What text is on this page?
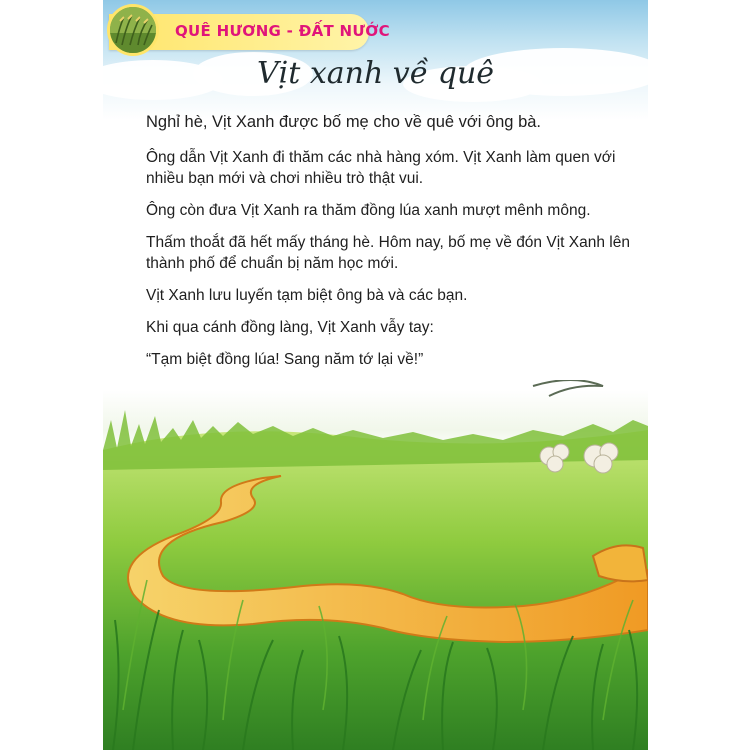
QUÊ HƯƠNG - ĐẤT NƯỚC
Vịt xanh về quê

Nghỉ hè, Vịt Xanh được bố mẹ cho về quê với ông bà.

Ông dẫn Vịt Xanh đi thăm các nhà hàng xóm. Vịt Xanh làm quen với nhiều bạn mới và chơi nhiều trò thật vui.

Ông còn đưa Vịt Xanh ra thăm đồng lúa xanh mượt mênh mông.

Thấm thoắt đã hết mấy tháng hè. Hôm nay, bố mẹ về đón Vịt Xanh lên thành phố để chuẩn bị năm học mới.

Vịt Xanh lưu luyến tạm biệt ông bà và các bạn.

Khi qua cánh đồng làng, Vịt Xanh vẫy tay:

“Tạm biệt đồng lúa! Sang năm tớ lại về!”
